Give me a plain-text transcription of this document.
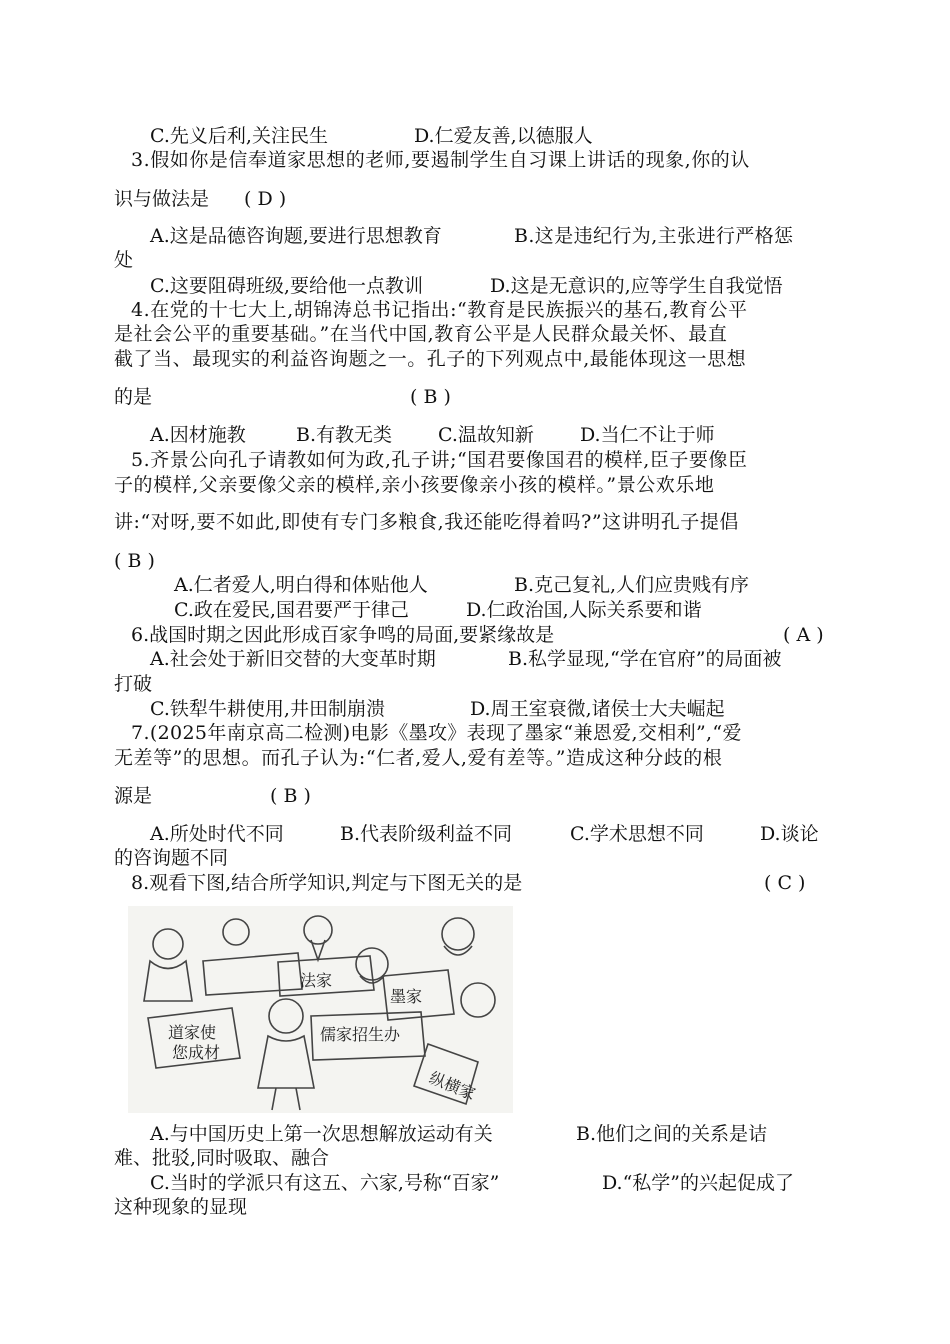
C.先义后利,关注民生	D.仁爱友善,以德服人
3.假如你是信奉道家思想的老师,要遏制学生自习课上讲话的现象,你的认
识与做法是 ( D )
A.这是品德咨询题,要进行思想教育	B.这是违纪行为,主张进行严格惩
处
C.这要阻碍班级,要给他一点教训	D.这是无意识的,应等学生自我觉悟
4.在党的十七大上,胡锦涛总书记指出:“教育是民族振兴的基石,教育公平
是社会公平的重要基础。”在当代中国,教育公平是人民群众最关怀、最直
截了当、最现实的利益咨询题之一。孔子的下列观点中,最能体现这一思想
的是	( B )
A.因材施教	B.有教无类 C.温故知新 D.当仁不让于师
5.齐景公向孔子请教如何为政,孔子讲;“国君要像国君的模样,臣子要像臣
子的模样,父亲要像父亲的模样,亲小孩要像亲小孩的模样。”景公欢乐地
讲:“对呀,要不如此,即使有专门多粮食,我还能吃得着吗?”这讲明孔子提倡
( B )
A.仁者爱人,明白得和体贴他人	B.克己复礼,人们应贵贱有序
C.政在爱民,国君要严于律己	D.仁政治国,人际关系要和谐
6.战国时期之因此形成百家争鸣的局面,要紧缘故是	( A )
A.社会处于新旧交替的大变革时期	B.私学显现,“学在官府”的局面被
打破
C.铁犁牛耕使用,井田制崩溃	D.周王室衰微,诸侯士大夫崛起
7.(2025年南京高二检测)电影《墨攻》表现了墨家“兼恩爱,交相利”,“爱
无差等”的思想。而孔子认为:“仁者,爱人,爱有差等。”造成这种分歧的根
源是	( B )
A.所处时代不同	B.代表阶级利益不同	C.学术思想不同	D.谈论
的咨询题不同
8.观看下图,结合所学知识,判定与下图无关的是	( C )
法家
墨家
道家使
您成材
儒家招生办
纵横家
A.与中国历史上第一次思想解放运动有关	B.他们之间的关系是诘
难、批驳,同时吸取、融合
C.当时的学派只有这五、六家,号称“百家”	D.“私学”的兴起促成了
这种现象的显现
